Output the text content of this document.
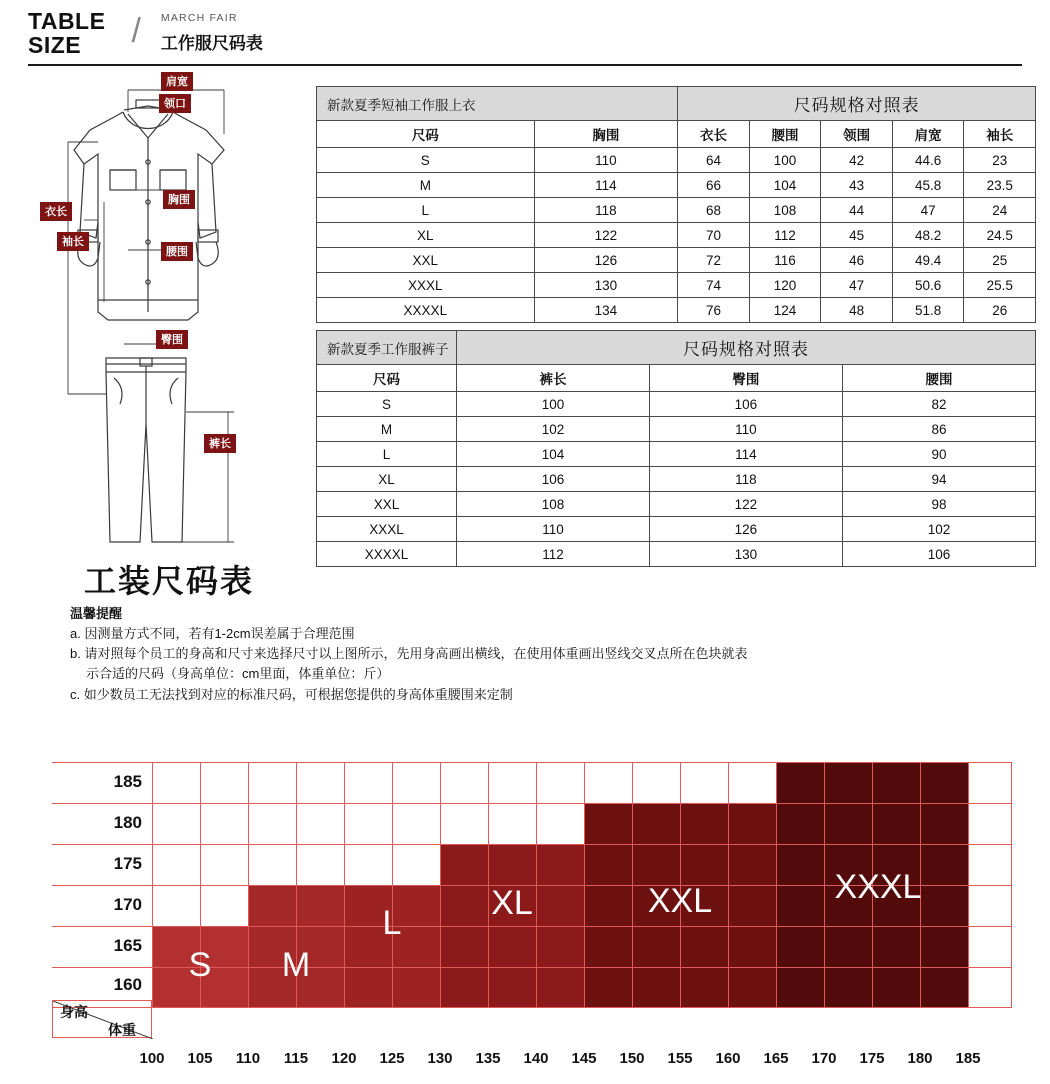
TABLE
SIZE	/ MARCH FAIR
工作服尺码表
肩宽
领口
胸围
衣长
袖长
腰围
臀围
裤长
新款夏季短袖工作服上衣		尺码规格对照表				
尺码	胸围	衣长	腰围	领围	肩宽	袖长
S	110	64	100	42	44.6	23
M	114	66	104	43	45.8	23.5
L	118	68	108	44	47	24
XL	122	70	112	45	48.2	24.5
XXL	126	72	116	46	49.4	25
XXXL	130	74	120	47	50.6	25.5
XXXXL	134	76	124	48	51.8	26
新款夏季工作服裤子	尺码规格对照表		
尺码	裤长	臀围	腰围
S	100	106	82
M	102	110	86
L	104	114	90
XL	106	118	94
XXL	108	122	98
XXXL	110	126	102
XXXXL	112	130	106
工装尺码表
温馨提醒
a. 因测量方式不同，若有1-2cm误差属于合理范围
b. 请对照每个员工的身高和尺寸来选择尺寸以上图所示，先用身高画出横线，在使用体重画出竖线交叉点所在色块就表
示合适的尺码（身高单位：cm里面，体重单位：斤）
c. 如少数员工无法找到对应的标准尺码，可根据您提供的身高体重腰围来定制
S	M
L
XL	XXL	XXXL
185
180
175
170
165
160
100	105	110	115	120	125	130	135	140	145	150	155	160	165	170	175	180	185
身高
体重
